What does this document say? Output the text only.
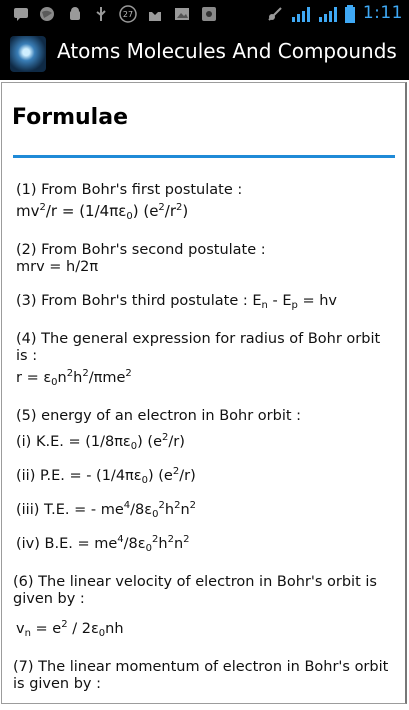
27	1:11
Atoms Molecules And Compounds
Formulae
(1) From Bohr's first postulate :
$mv^2/r = (1/4\pi\varepsilon_0)$ $(e^2/r^2)$
(2) From Bohr's second postulate :
mrv = h/2π
(3) From Bohr's third postulate : $E_n - E_p$ = hv
(4) The general expression for radius of Bohr orbit is :
$r = \varepsilon_0n^2h^2/\pi me^2$
(5) energy of an electron in Bohr orbit :
(i) K.E. = $(1/8\pi\varepsilon_0)$ $(e^2/r)$
(ii) P.E. = - $(1/4\pi\varepsilon_0)$ $(e^2/r)$
(iii) T.E. = - $me^4/8\varepsilon_0^2h^2n^2$
(iv) B.E. = $me^4/8\varepsilon_0^2h^2n^2$
(6) The linear velocity of electron in Bohr's orbit is given by :
$v_n = e^2 / 2\varepsilon_0nh$
(7) The linear momentum of electron in Bohr's orbit is given by :
